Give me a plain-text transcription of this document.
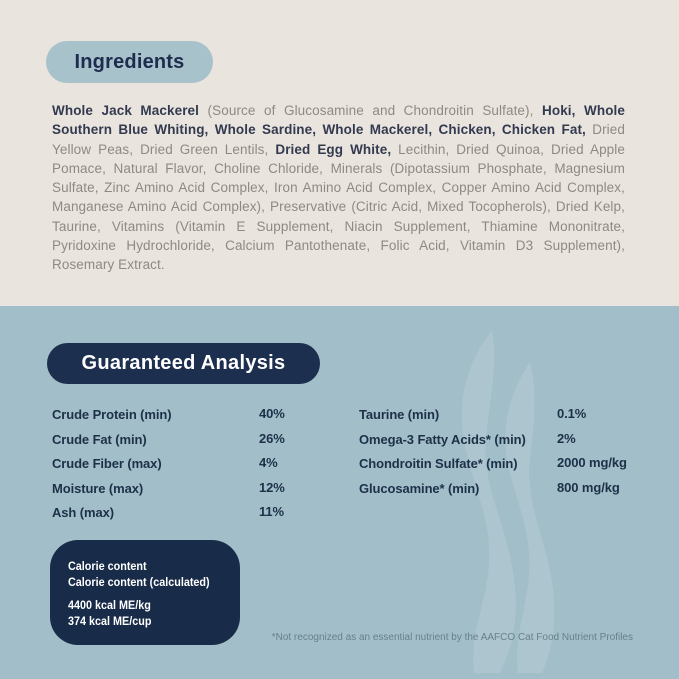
Ingredients

Whole Jack Mackerel (Source of Glucosamine and Chondroitin Sulfate), Hoki, Whole Southern Blue Whiting, Whole Sardine, Whole Mackerel, Chicken, Chicken Fat, Dried Yellow Peas, Dried Green Lentils, Dried Egg White, Lecithin, Dried Quinoa, Dried Apple Pomace, Natural Flavor, Choline Chloride, Minerals (Dipotassium Phosphate, Magnesium Sulfate, Zinc Amino Acid Complex, Iron Amino Acid Complex, Copper Amino Acid Complex, Manganese Amino Acid Complex), Preservative (Citric Acid, Mixed Tocopherols), Dried Kelp, Taurine, Vitamins (Vitamin E Supplement, Niacin Supplement, Thiamine Mononitrate, Pyridoxine Hydrochloride, Calcium Pantothenate, Folic Acid, Vitamin D3 Supplement), Rosemary Extract.

Guaranteed Analysis
Crude Protein (min)	40%
Crude Fat (min)	26%
Crude Fiber (max)	4%
Moisture (max)	12%
Ash (max)	11%
Taurine (min)	0.1%
Omega-3 Fatty Acids* (min) 2%
Chondroitin Sulfate* (min)	2000 mg/kg
Glucosamine* (min)	800 mg/kg
Calorie content
Calorie content (calculated)
4400 kcal ME/kg
374 kcal ME/cup
*Not recognized as an essential nutrient by the AAFCO Cat Food Nutrient Profiles
